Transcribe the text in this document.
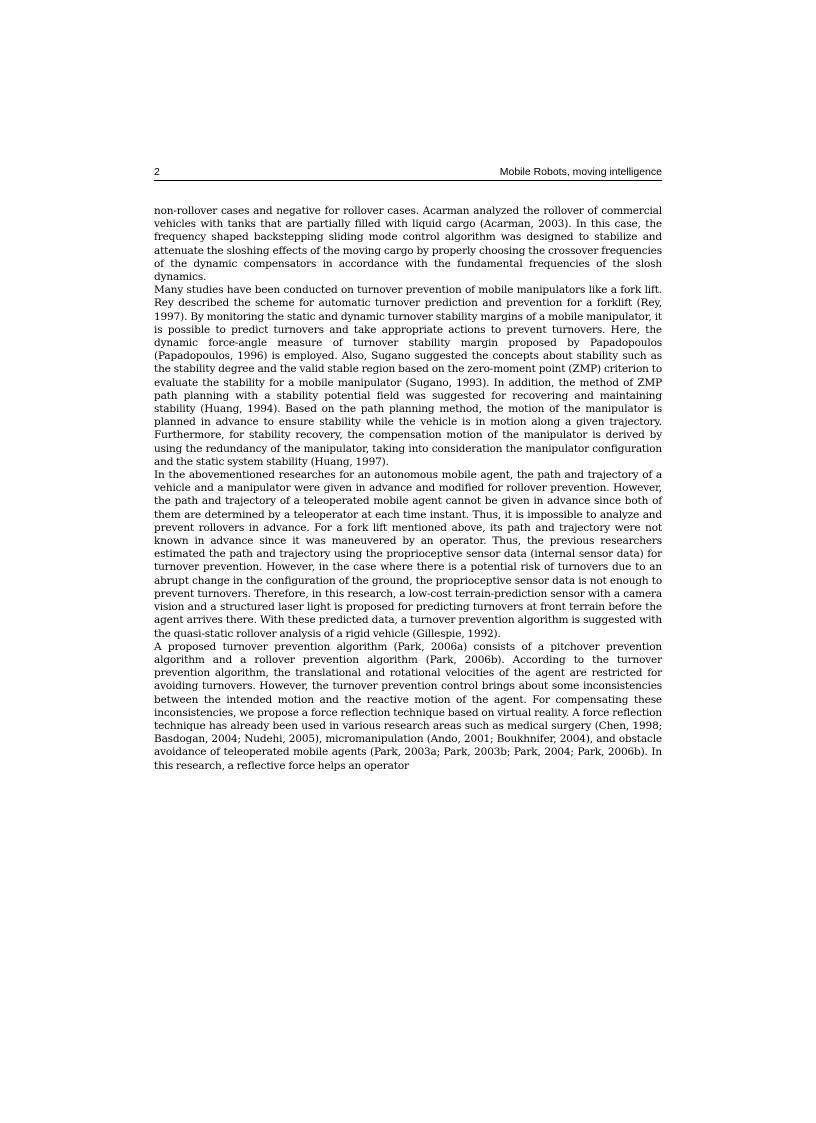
2	Mobile Robots, moving intelligence

non-rollover cases and negative for rollover cases. Acarman analyzed the rollover of commercial vehicles with tanks that are partially filled with liquid cargo (Acarman, 2003). In this case, the frequency shaped backstepping sliding mode control algorithm was designed to stabilize and attenuate the sloshing effects of the moving cargo by properly choosing the crossover frequencies of the dynamic compensators in accordance with the fundamental frequencies of the slosh dynamics.

Many studies have been conducted on turnover prevention of mobile manipulators like a fork lift. Rey described the scheme for automatic turnover prediction and prevention for a forklift (Rey, 1997). By monitoring the static and dynamic turnover stability margins of a mobile manipulator, it is possible to predict turnovers and take appropriate actions to prevent turnovers. Here, the dynamic force-angle measure of turnover stability margin proposed by Papadopoulos (Papadopoulos, 1996) is employed. Also, Sugano suggested the concepts about stability such as the stability degree and the valid stable region based on the zero-moment point (ZMP) criterion to evaluate the stability for a mobile manipulator (Sugano, 1993). In addition, the method of ZMP path planning with a stability potential field was suggested for recovering and maintaining stability (Huang, 1994). Based on the path planning method, the motion of the manipulator is planned in advance to ensure stability while the vehicle is in motion along a given trajectory. Furthermore, for stability recovery, the compensation motion of the manipulator is derived by using the redundancy of the manipulator, taking into consideration the manipulator configuration and the static system stability (Huang, 1997).

In the abovementioned researches for an autonomous mobile agent, the path and trajectory of a vehicle and a manipulator were given in advance and modified for rollover prevention. However, the path and trajectory of a teleoperated mobile agent cannot be given in advance since both of them are determined by a teleoperator at each time instant. Thus, it is impossible to analyze and prevent rollovers in advance. For a fork lift mentioned above, its path and trajectory were not known in advance since it was maneuvered by an operator. Thus, the previous researchers estimated the path and trajectory using the proprioceptive sensor data (internal sensor data) for turnover prevention. However, in the case where there is a potential risk of turnovers due to an abrupt change in the configuration of the ground, the proprioceptive sensor data is not enough to prevent turnovers. Therefore, in this research, a low-cost terrain-prediction sensor with a camera vision and a structured laser light is proposed for predicting turnovers at front terrain before the agent arrives there. With these predicted data, a turnover prevention algorithm is suggested with the quasi-static rollover analysis of a rigid vehicle (Gillespie, 1992).

A proposed turnover prevention algorithm (Park, 2006a) consists of a pitchover prevention algorithm and a rollover prevention algorithm (Park, 2006b). According to the turnover prevention algorithm, the translational and rotational velocities of the agent are restricted for avoiding turnovers. However, the turnover prevention control brings about some inconsistencies between the intended motion and the reactive motion of the agent. For compensating these inconsistencies, we propose a force reflection technique based on virtual reality. A force reflection technique has already been used in various research areas such as medical surgery (Chen, 1998; Basdogan, 2004; Nudehi, 2005), micromanipulation (Ando, 2001; Boukhnifer, 2004), and obstacle avoidance of teleoperated mobile agents (Park, 2003a; Park, 2003b; Park, 2004; Park, 2006b). In this research, a reflective force helps an operator
